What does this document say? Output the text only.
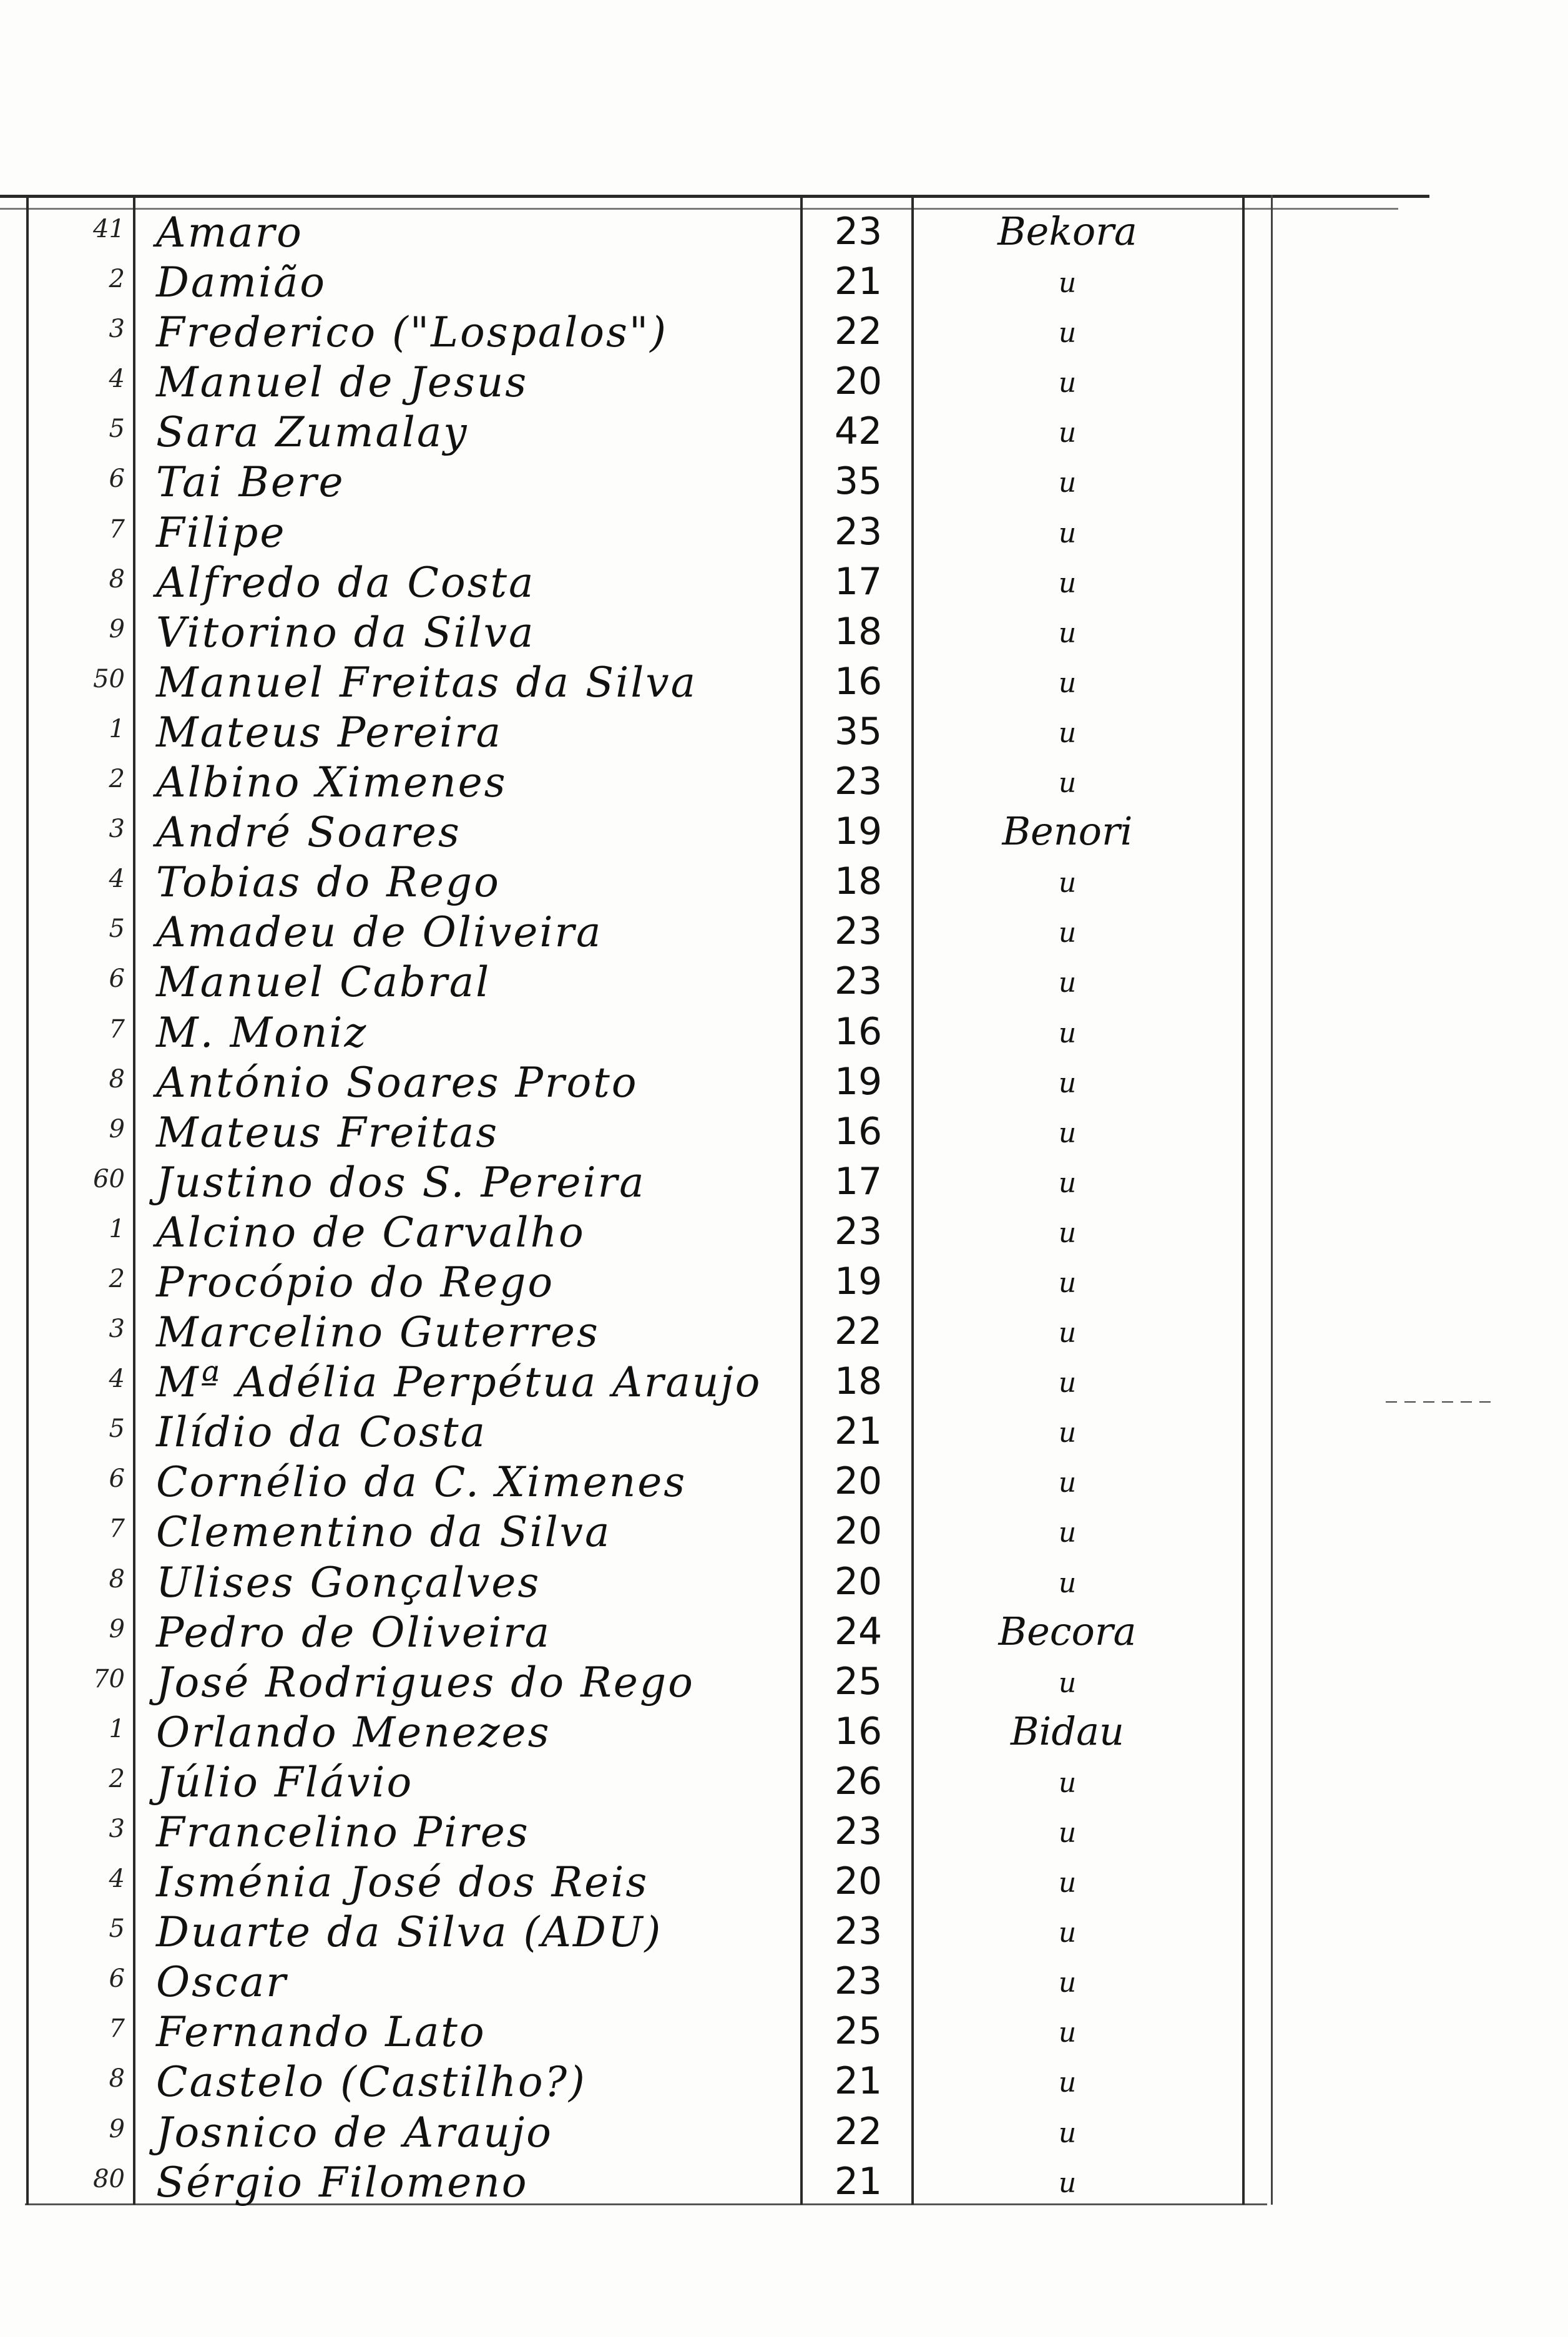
41 Amaro	23	Bekora
2 Damião	21	u
3 Frederico ("Lospalos")	22	u
4 Manuel de Jesus	20	u
5 Sara Zumalay	42	u
6 Tai Bere	35	u
7 Filipe	23	u
8 Alfredo da Costa	17	u
9 Vitorino da Silva	18	u
50 Manuel Freitas da Silva	16	u
1 Mateus Pereira	35	u
2 Albino Ximenes	23	u
3 André Soares	19	Benori
4 Tobias do Rego	18	u
5 Amadeu de Oliveira	23	u
6 Manuel Cabral	23	u
7 M. Moniz	16	u
8 António Soares Proto	19	u
9 Mateus Freitas	16	u
60 Justino dos S. Pereira	17	u
1 Alcino de Carvalho	23	u
2 Procópio do Rego	19	u
3 Marcelino Guterres	22	u
4 Mª Adélia Perpétua Araujo	18	u
5 Ilídio da Costa	21	u
6 Cornélio da C. Ximenes	20	u
7 Clementino da Silva	20	u
8 Ulises Gonçalves	20	u
9 Pedro de Oliveira	24	Becora
70 José Rodrigues do Rego	25	u
1 Orlando Menezes	16	Bidau
2 Júlio Flávio	26	u
3 Francelino Pires	23	u
4 Isménia José dos Reis	20	u
5 Duarte da Silva (ADU)	23	u
6 Oscar	23	u
7 Fernando Lato	25	u
8 Castelo (Castilho?)	21	u
9 Josnico de Araujo	22	u
80 Sérgio Filomeno	21	u
